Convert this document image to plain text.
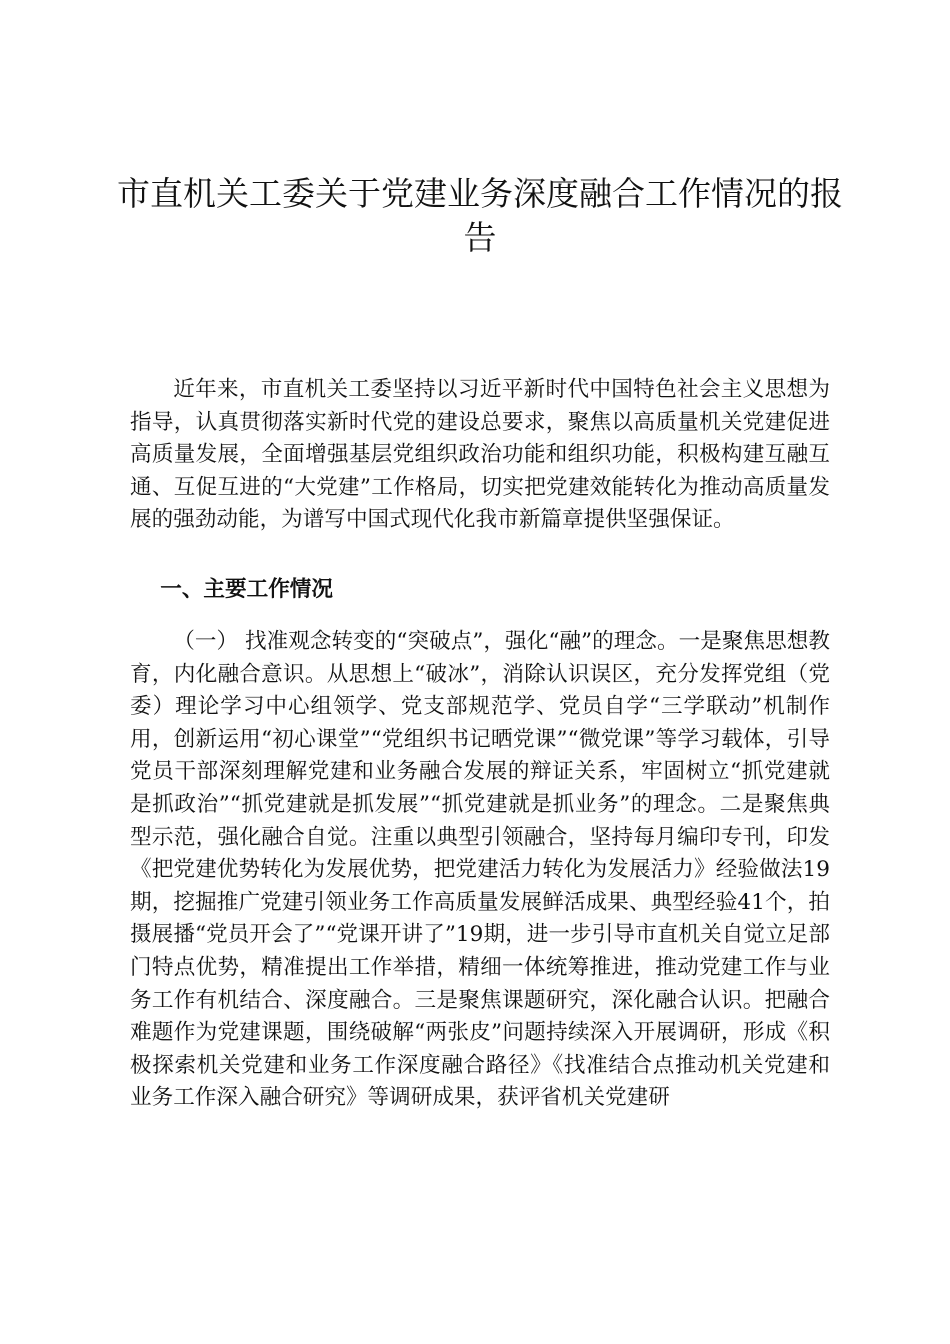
市直机关工委关于党建业务深度融合工作情况的报告

近年来，市直机关工委坚持以习近平新时代中国特色社会主义思想为指导，认真贯彻落实新时代党的建设总要求，聚焦以高质量机关党建促进高质量发展，全面增强基层党组织政治功能和组织功能，积极构建互融互通、互促互进的“大党建”工作格局，切实把党建效能转化为推动高质量发展的强劲动能，为谱写中国式现代化我市新篇章提供坚强保证。

一、主要工作情况

（一） 找准观念转变的“突破点”，强化“融”的理念。一是聚焦思想教育，内化融合意识。从思想上“破冰”，消除认识误区，充分发挥党组（党委）理论学习中心组领学、党支部规范学、党员自学“三学联动”机制作用，创新运用“初心课堂”“党组织书记晒党课”“微党课”等学习载体，引导党员干部深刻理解党建和业务融合发展的辩证关系，牢固树立“抓党建就是抓政治”“抓党建就是抓发展”“抓党建就是抓业务”的理念。二是聚焦典型示范，强化融合自觉。注重以典型引领融合，坚持每月编印专刊，印发《把党建优势转化为发展优势，把党建活力转化为发展活力》经验做法19期，挖掘推广党建引领业务工作高质量发展鲜活成果、典型经验41个，拍摄展播“党员开会了”“党课开讲了”19期，进一步引导市直机关自觉立足部门特点优势，精准提出工作举措，精细一体统筹推进，推动党建工作与业务工作有机结合、深度融合。三是聚焦课题研究，深化融合认识。把融合难题作为党建课题，围绕破解“两张皮”问题持续深入开展调研，形成《积极探索机关党建和业务工作深度融合路径》《找准结合点推动机关党建和业务工作深入融合研究》等调研成果，获评省机关党建研
